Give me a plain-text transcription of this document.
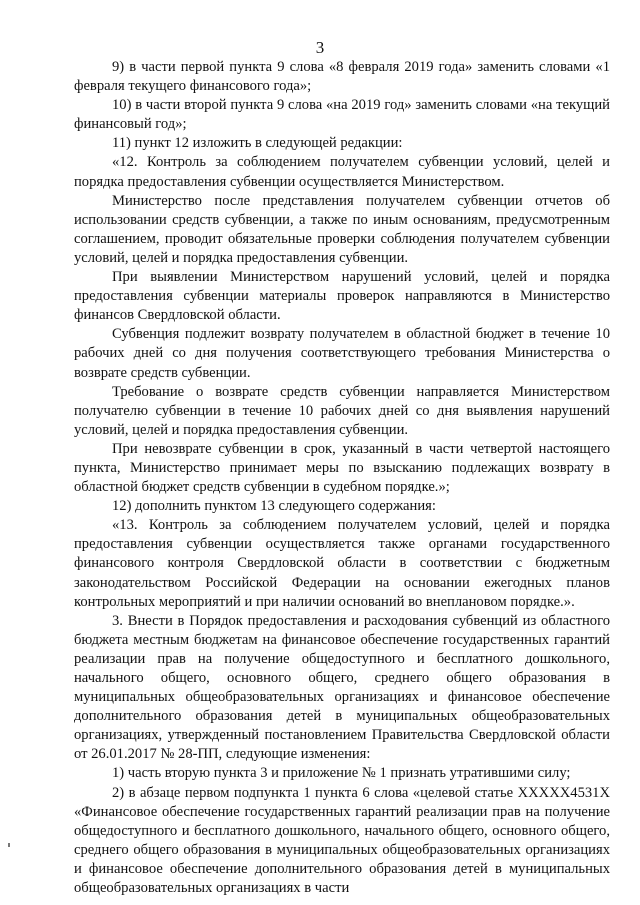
3

9) в части первой пункта 9 слова «8 февраля 2019 года» заменить словами «1 февраля текущего финансового года»;

10) в части второй пункта 9 слова «на 2019 год» заменить словами «на текущий финансовый год»;

11) пункт 12 изложить в следующей редакции:

«12. Контроль за соблюдением получателем субвенции условий, целей и порядка предоставления субвенции осуществляется Министерством.

Министерство после представления получателем субвенции отчетов об использовании средств субвенции, а также по иным основаниям, предусмотренным соглашением, проводит обязательные проверки соблюдения получателем субвенции условий, целей и порядка предоставления субвенции.

При выявлении Министерством нарушений условий, целей и порядка предоставления субвенции материалы проверок направляются в Министерство финансов Свердловской области.

Субвенция подлежит возврату получателем в областной бюджет в течение 10 рабочих дней со дня получения соответствующего требования Министерства о возврате средств субвенции.

Требование о возврате средств субвенции направляется Министерством получателю субвенции в течение 10 рабочих дней со дня выявления нарушений условий, целей и порядка предоставления субвенции.

При невозврате субвенции в срок, указанный в части четвертой настоящего пункта, Министерство принимает меры по взысканию подлежащих возврату в областной бюджет средств субвенции в судебном порядке.»;

12) дополнить пунктом 13 следующего содержания:

«13. Контроль за соблюдением получателем условий, целей и порядка предоставления субвенции осуществляется также органами государственного финансового контроля Свердловской области в соответствии с бюджетным законодательством Российской Федерации на основании ежегодных планов контрольных мероприятий и при наличии оснований во внеплановом порядке.».

3. Внести в Порядок предоставления и расходования субвенций из областного бюджета местным бюджетам на финансовое обеспечение государственных гарантий реализации прав на получение общедоступного и бесплатного дошкольного, начального общего, основного общего, среднего общего образования в муниципальных общеобразовательных организациях и финансовое обеспечение дополнительного образования детей в муниципальных общеобразовательных организациях, утвержденный постановлением Правительства Свердловской области от 26.01.2017 № 28-ПП, следующие изменения:

1) часть вторую пункта 3 и приложение № 1 признать утратившими силу;

2) в абзаце первом подпункта 1 пункта 6 слова «целевой статье XXXXX4531X «Финансовое обеспечение государственных гарантий реализации прав на получение общедоступного и бесплатного дошкольного, начального общего, основного общего, среднего общего образования в муниципальных общеобразовательных организациях и финансовое обеспечение дополнительного образования детей в муниципальных общеобразовательных организациях в части
